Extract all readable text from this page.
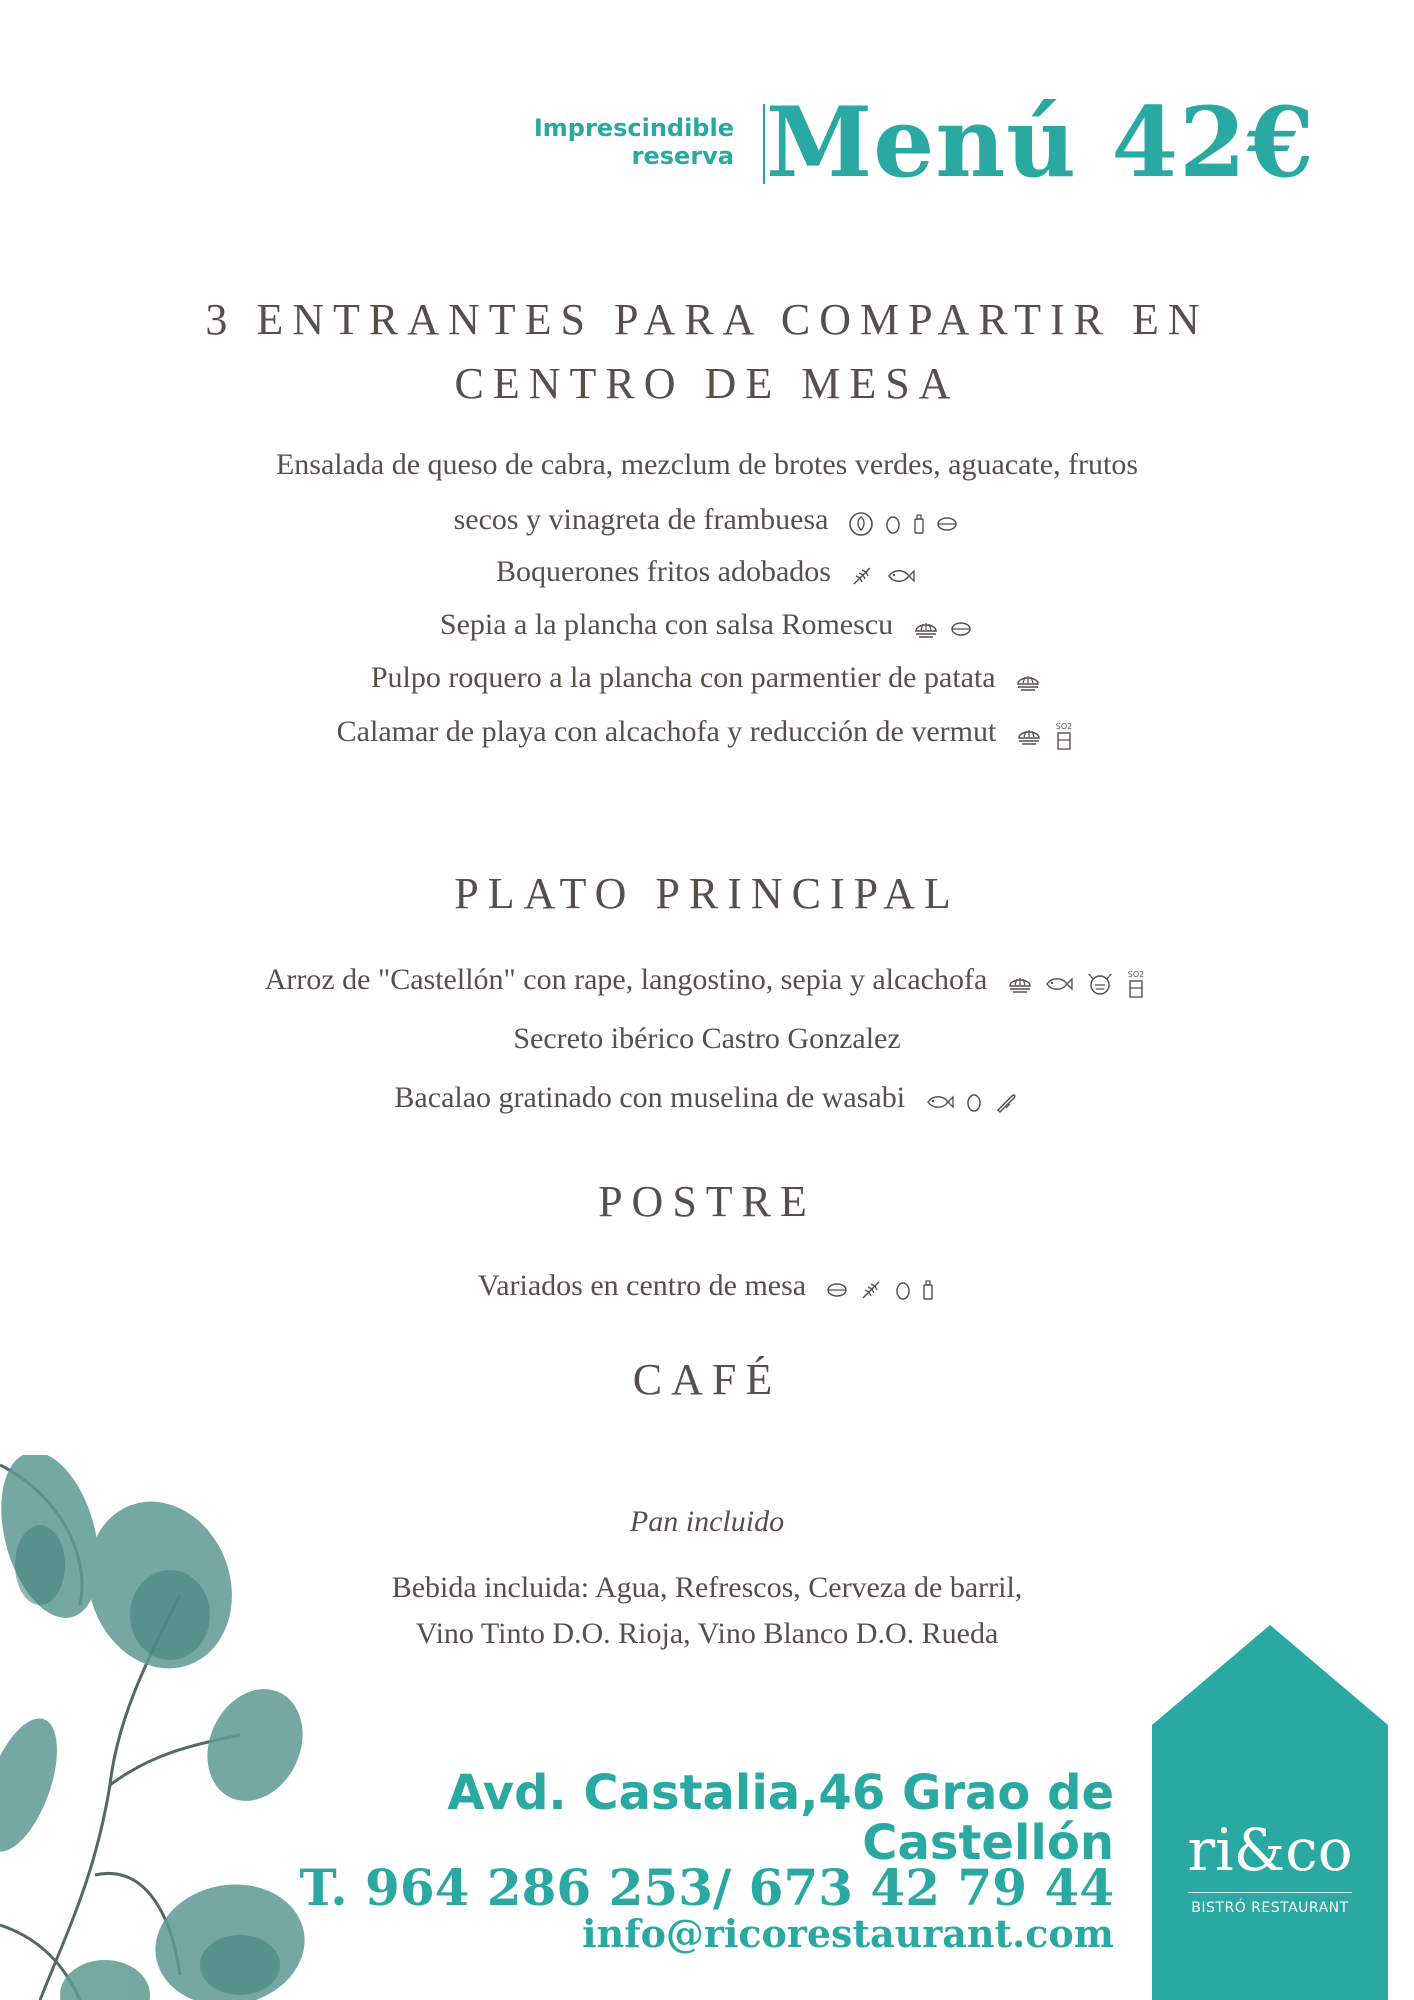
Imprescindible
reserva Menú 42€
3 ENTRANTES PARA COMPARTIR EN
CENTRO DE MESA
Ensalada de queso de cabra, mezclum de brotes verdes, aguacate, frutos
secos y vinagreta de frambuesa
Boquerones fritos adobados
Sepia a la plancha con salsa Romescu
Pulpo roquero a la plancha con parmentier de patata
Calamar de playa con alcachofa y reducción de vermut	SO2
PLATO PRINCIPAL
Arroz de "Castellón" con rape, langostino, sepia y alcachofa	SO2
Secreto ibérico Castro Gonzalez
Bacalao gratinado con muselina de wasabi
POSTRE
Variados en centro de mesa
CAFÉ
Pan incluido
Bebida incluida: Agua, Refrescos, Cerveza de barril,
Vino Tinto D.O. Rioja, Vino Blanco D.O. Rueda
Avd. Castalia,46 Grao de
Castellón
T. 964 286 253/ 673 42 79 44
info@ricorestaurant.com
ri&co
BISTRÓ RESTAURANT
